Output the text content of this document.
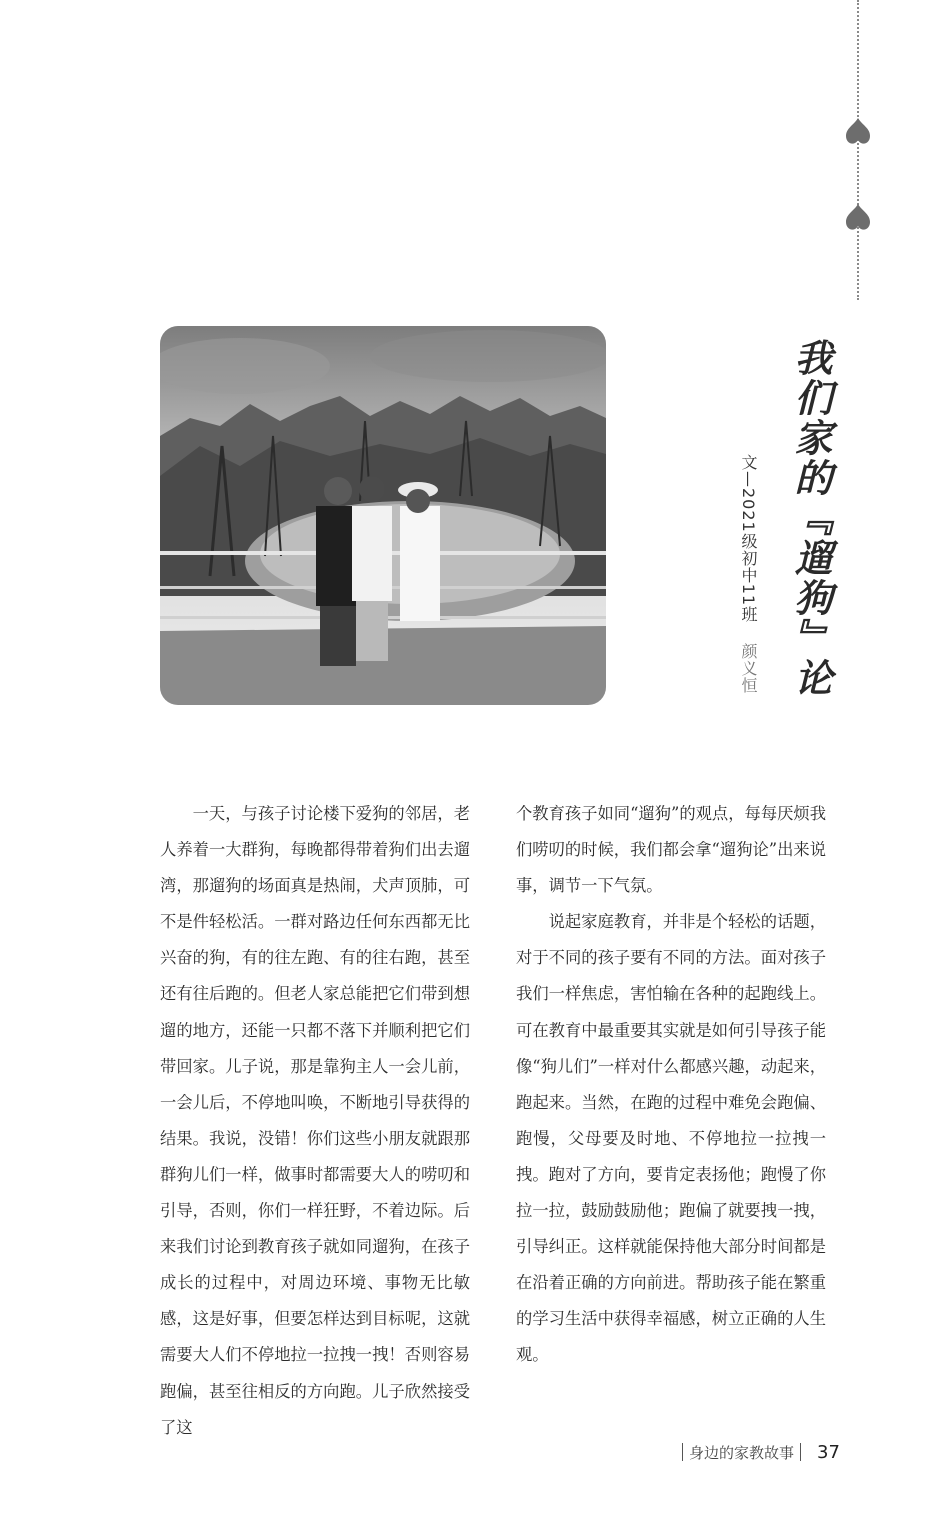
我们家的『遛狗』论
文—2021级初中11班 颜义恒

一天，与孩子讨论楼下爱狗的邻居，老人养着一大群狗，每晚都得带着狗们出去遛湾，那遛狗的场面真是热闹，犬声顶肺，可不是件轻松活。一群对路边任何东西都无比兴奋的狗，有的往左跑、有的往右跑，甚至还有往后跑的。但老人家总能把它们带到想遛的地方，还能一只都不落下并顺利把它们带回家。儿子说，那是靠狗主人一会儿前，一会儿后，不停地叫唤，不断地引导获得的结果。我说，没错！你们这些小朋友就跟那群狗儿们一样，做事时都需要大人的唠叨和引导，否则，你们一样狂野，不着边际。后来我们讨论到教育孩子就如同遛狗，在孩子成长的过程中，对周边环境、事物无比敏感，这是好事，但要怎样达到目标呢，这就需要大人们不停地拉一拉拽一拽！否则容易跑偏，甚至往相反的方向跑。儿子欣然接受了这

个教育孩子如同“遛狗”的观点，每每厌烦我们唠叨的时候，我们都会拿“遛狗论”出来说事，调节一下气氛。

说起家庭教育，并非是个轻松的话题，对于不同的孩子要有不同的方法。面对孩子我们一样焦虑，害怕输在各种的起跑线上。可在教育中最重要其实就是如何引导孩子能像“狗儿们”一样对什么都感兴趣，动起来，跑起来。当然，在跑的过程中难免会跑偏、跑慢，父母要及时地、不停地拉一拉拽一拽。跑对了方向，要肯定表扬他；跑慢了你拉一拉，鼓励鼓励他；跑偏了就要拽一拽，引导纠正。这样就能保持他大部分时间都是在沿着正确的方向前进。帮助孩子能在繁重的学习生活中获得幸福感，树立正确的人生观。

身边的家教故事 37
